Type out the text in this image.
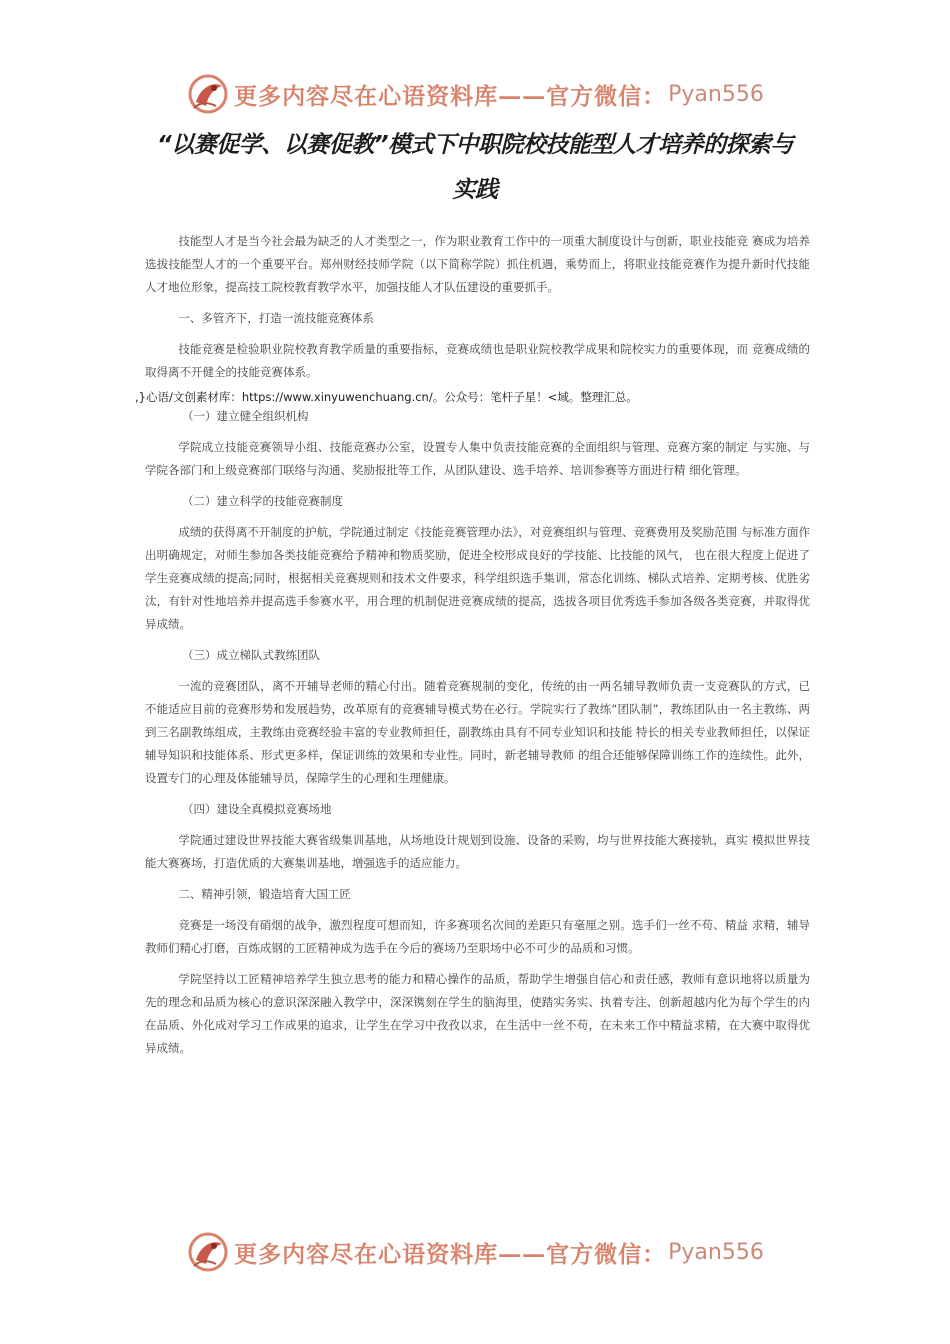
更多内容尽在心语资料库——官方微信： Pyan556
“以赛促学、以赛促教”模式下中职院校技能型人才培养的探索与实践

技能型人才是当今社会最为缺乏的人才类型之一，作为职业教育工作中的一项重大制度设计与创新，职业技能竞 赛成为培养选拔技能型人才的一个重要平台。郑州财经技师学院（以下简称学院）抓住机遇，乘势而上，将职业技能竞赛作为提升新时代技能人才地位形象，提高技工院校教育教学水平，加强技能人才队伍建设的重要抓手。

一、多管齐下，打造一流技能竞赛体系

技能竞赛是检验职业院校教育教学质量的重要指标，竞赛成绩也是职业院校教学成果和院校实力的重要体现，而 竞赛成绩的取得离不开健全的技能竞赛体系。

,}心语/文创素材库：https://www.xinyuwenchuang.cn/。公众号：笔杆子星！<域。整理汇总。

（一）建立健全组织机构

学院成立技能竞赛领导小组、技能竞赛办公室，设置专人集中负责技能竞赛的全面组织与管理、竞赛方案的制定 与实施、与学院各部门和上级竞赛部门联络与沟通、奖励报批等工作，从团队建设、选手培养、培训参赛等方面进行精 细化管理。

（二）建立科学的技能竞赛制度

成绩的获得离不开制度的护航，学院通过制定《技能竞赛管理办法》，对竞赛组织与管理、竞赛费用及奖励范围 与标准方面作出明确规定，对师生参加各类技能竞赛给予精神和物质奖励，促进全校形成良好的学技能、比技能的风气， 也在很大程度上促进了学生竞赛成绩的提高;同时，根据相关竞赛规则和技术文件要求，科学组织选手集训，常态化训练、梯队式培养、定期考核、优胜劣汰，有针对性地培养并提高选手参赛水平，用合理的机制促进竞赛成绩的提高，选拔各项目优秀选手参加各级各类竞赛，并取得优异成绩。

（三）成立梯队式教练团队

一流的竞赛团队，离不开辅导老师的精心付出。随着竞赛规制的变化，传统的由一两名辅导教师负责一支竞赛队的方式，已不能适应目前的竞赛形势和发展趋势，改革原有的竞赛辅导模式势在必行。学院实行了教练“团队制”，教练团队由一名主教练、两到三名副教练组成，主教练由竞赛经验丰富的专业教师担任，副教练由具有不同专业知识和技能 特长的相关专业教师担任，以保证辅导知识和技能体系、形式更多样，保证训练的效果和专业性。同时，新老辅导教师 的组合还能够保障训练工作的连续性。此外，设置专门的心理及体能辅导员，保障学生的心理和生理健康。

（四）建设全真模拟竞赛场地

学院通过建设世界技能大赛省级集训基地，从场地设计规划到设施、设备的采购，均与世界技能大赛接轨，真实 模拟世界技能大赛赛场，打造优质的大赛集训基地，增强选手的适应能力。

二、精神引领，锻造培育大国工匠

竞赛是一场没有硝烟的战争，激烈程度可想而知，许多赛项名次间的差距只有毫厘之别。选手们一丝不苟、精益 求精，辅导教师们精心打磨，百炼成钢的工匠精神成为选手在今后的赛场乃至职场中必不可少的品质和习惯。

学院坚持以工匠精神培养学生独立思考的能力和精心操作的品质，帮助学生增强自信心和责任感，教师有意识地将以质量为先的理念和品质为核心的意识深深融入教学中，深深镌刻在学生的脑海里，使踏实务实、执着专注、创新超越内化为每个学生的内在品质、外化成对学习工作成果的追求，让学生在学习中孜孜以求，在生活中一丝不苟，在未来工作中精益求精，在大赛中取得优异成绩。

更多内容尽在心语资料库——官方微信： Pyan556
